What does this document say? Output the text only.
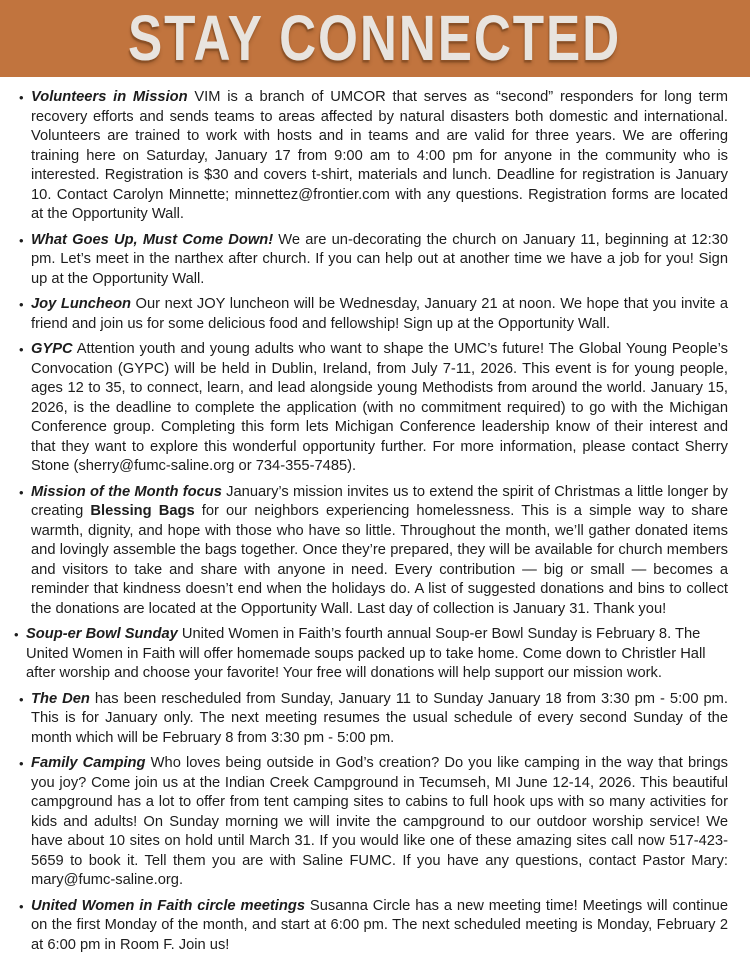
STAY CONNECTED
• Volunteers in Mission VIM is a branch of UMCOR that serves as “second” responders for long term recovery efforts and sends teams to areas affected by natural disasters both domestic and international. Volunteers are trained to work with hosts and in teams and are valid for three years. We are offering training here on Saturday, January 17 from 9:00 am to 4:00 pm for anyone in the community who is interested. Registration is $30 and covers t-shirt, materials and lunch. Deadline for registration is January 10. Contact Carolyn Minnette; minnettez@frontier.com with any questions. Registration forms are located at the Opportunity Wall.
• What Goes Up, Must Come Down! We are un-decorating the church on January 11, beginning at 12:30 pm. Let’s meet in the narthex after church. If you can help out at another time we have a job for you! Sign up at the Opportunity Wall.
• Joy Luncheon Our next JOY luncheon will be Wednesday, January 21 at noon. We hope that you invite a friend and join us for some delicious food and fellowship! Sign up at the Opportunity Wall.
• GYPC Attention youth and young adults who want to shape the UMC’s future! The Global Young People’s Convocation (GYPC) will be held in Dublin, Ireland, from July 7-11, 2026. This event is for young people, ages 12 to 35, to connect, learn, and lead alongside young Methodists from around the world. January 15, 2026, is the deadline to complete the application (with no commitment required) to go with the Michigan Conference group. Completing this form lets Michigan Conference leadership know of their interest and that they want to explore this wonderful opportunity further. For more information, please contact Sherry Stone (sherry@fumc-saline.org or 734-355-7485).
• Mission of the Month focus January’s mission invites us to extend the spirit of Christmas a little longer by creating Blessing Bags for our neighbors experiencing homelessness. This is a simple way to share warmth, dignity, and hope with those who have so little. Throughout the month, we’ll gather donated items and lovingly assemble the bags together. Once they’re prepared, they will be available for church members and visitors to take and share with anyone in need. Every contribution — big or small — becomes a reminder that kindness doesn’t end when the holidays do. A list of suggested donations and bins to collect the donations are located at the Opportunity Wall. Last day of collection is January 31. Thank you!
• Soup-er Bowl Sunday United Women in Faith’s fourth annual Soup-er Bowl Sunday is February 8. The United Women in Faith will offer homemade soups packed up to take home. Come down to Christler Hall after worship and choose your favorite! Your free will donations will help support our mission work.
• The Den has been rescheduled from Sunday, January 11 to Sunday January 18 from 3:30 pm - 5:00 pm. This is for January only. The next meeting resumes the usual schedule of every second Sunday of the month which will be February 8 from 3:30 pm - 5:00 pm.
• Family Camping Who loves being outside in God’s creation? Do you like camping in the way that brings you joy? Come join us at the Indian Creek Campground in Tecumseh, MI June 12-14, 2026. This beautiful campground has a lot to offer from tent camping sites to cabins to full hook ups with so many activities for kids and adults! On Sunday morning we will invite the campground to our outdoor worship service! We have about 10 sites on hold until March 31. If you would like one of these amazing sites call now 517-423-5659 to book it. Tell them you are with Saline FUMC. If you have any questions, contact Pastor Mary: mary@fumc-saline.org.
• United Women in Faith circle meetings Susanna Circle has a new meeting time! Meetings will continue on the first Monday of the month, and start at 6:00 pm. The next scheduled meeting is Monday, February 2 at 6:00 pm in Room F. Join us!
